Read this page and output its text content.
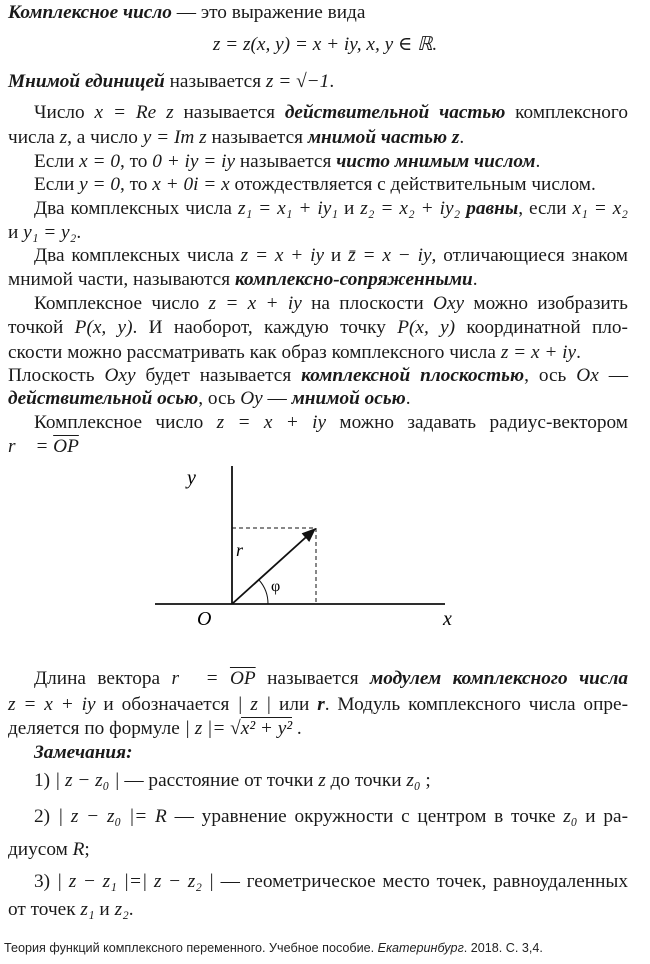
Комплексное число — это выражение вида
z = z(x, y) = x + iy, x, y ∈ ℝ.
Мнимой единицей называется z = √−1.
Число x = Re z называется действительной частью комплексного
числа z, а число y = Im z называется мнимой частью z.
Если x = 0, то 0 + iy = iy называется чисто мнимым числом.
Если y = 0, то x + 0i = x отождествляется с действительным числом.
Два комплексных числа z₁ = x₁ + iy₁ и z₂ = x₂ + iy₂ равны, если x₁ = x₂
и y₁ = y₂.
Два комплексных числа z = x + iy и z̄ = x − iy, отличающиеся знаком
мнимой части, называются комплексно-сопряженными.
Комплексное число z = x + iy на плоскости Oxy можно изобразить
точкой P(x, y). И наоборот, каждую точку P(x, y) координатной пло-
скости можно рассматривать как образ комплексного числа z = x + iy.
Плоскость Oxy будет называется комплексной плоскостью, ось Ox —
действительной осью, ось Oy — мнимой осью.
Комплексное число z = x + iy можно задавать радиус-вектором
r⃗ = $\overline{OP}$
y
x
O
r⃗
φ
Длина вектора r⃗ = $\overline{OP}$ называется модулем комплексного числа
z = x + iy и обозначается | z | или r. Модуль комплексного числа опре-
деляется по формуле | z |= √x² + y² .
Замечания:
1) | z − z₀ | — расстояние от точки z до точки z₀ ;
2) | z − z₀ |= R — уравнение окружности с центром в точке z₀ и ра-
диусом R;
3) | z − z₁ |=| z − z₂ | — геометрическое место точек, равноудаленных
от точек z₁ и z₂.
Теория функций комплексного переменного. Учебное пособие. Екатеринбург. 2018. С. 3,4.
